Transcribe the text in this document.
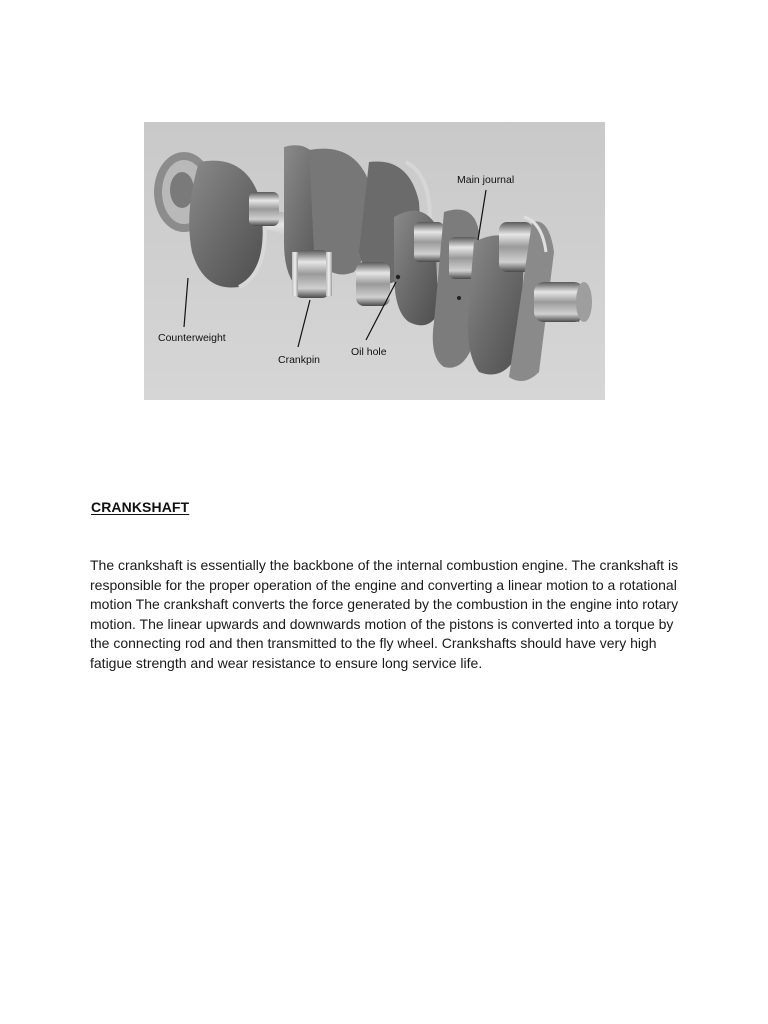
Main journal
Counterweight
Crankpin
Oil hole
CRANKSHAFT

The crankshaft is essentially the backbone of the internal combustion engine. The crankshaft is responsible for the proper operation of the engine and converting a linear motion to a rotational motion The crankshaft converts the force generated by the combustion in the engine into rotary motion. The linear upwards and downwards motion of the pistons is converted into a torque by the connecting rod and then transmitted to the fly wheel. Crankshafts should have very high fatigue strength and wear resistance to ensure long service life.
